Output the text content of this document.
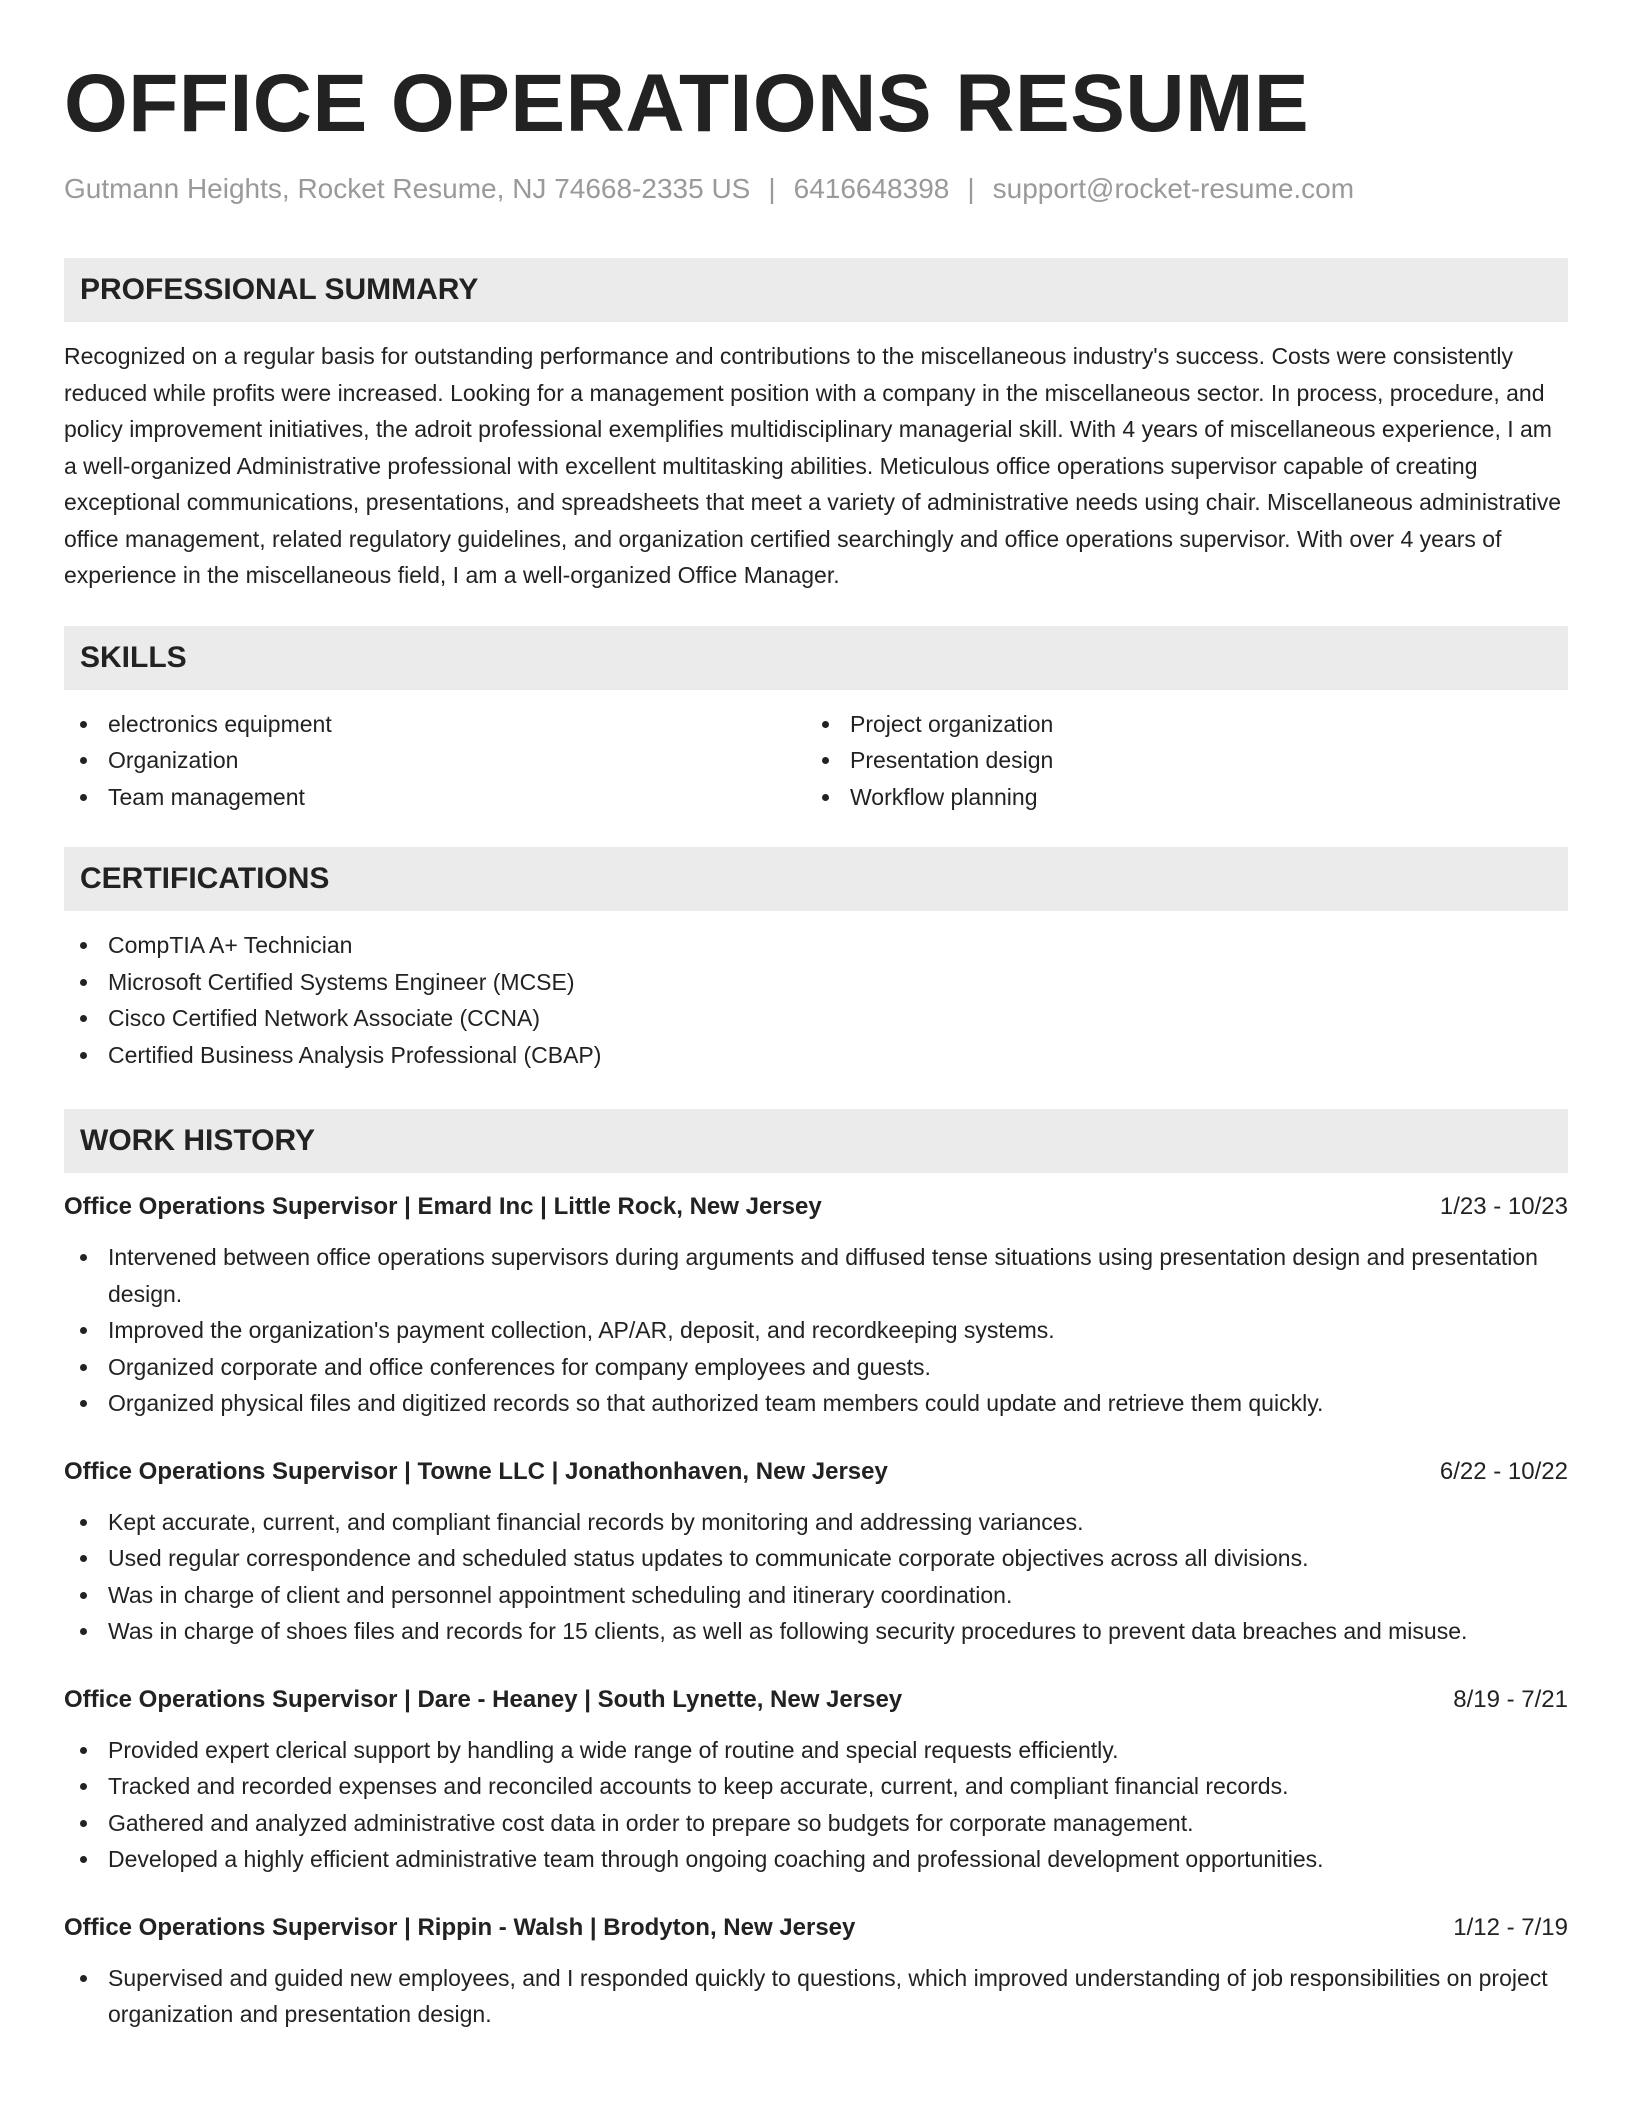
OFFICE OPERATIONS RESUME
Gutmann Heights, Rocket Resume, NJ 74668-2335 US | 6416648398 | support@rocket-resume.com
PROFESSIONAL SUMMARY

Recognized on a regular basis for outstanding performance and contributions to the miscellaneous industry's success. Costs were consistently reduced while profits were increased. Looking for a management position with a company in the miscellaneous sector. In process, procedure, and policy improvement initiatives, the adroit professional exemplifies multidisciplinary managerial skill. With 4 years of miscellaneous experience, I am a well-organized Administrative professional with excellent multitasking abilities. Meticulous office operations supervisor capable of creating exceptional communications, presentations, and spreadsheets that meet a variety of administrative needs using chair. Miscellaneous administrative office management, related regulatory guidelines, and organization certified searchingly and office operations supervisor. With over 4 years of experience in the miscellaneous field, I am a well-organized Office Manager.

SKILLS
electronics equipment
Organization
Team management
Project organization
Presentation design
Workflow planning
CERTIFICATIONS
CompTIA A+ Technician
Microsoft Certified Systems Engineer (MCSE)
Cisco Certified Network Associate (CCNA)
Certified Business Analysis Professional (CBAP)
WORK HISTORY
Office Operations Supervisor | Emard Inc | Little Rock, New Jersey	1/23 - 10/23
Intervened between office operations supervisors during arguments and diffused tense situations using presentation design and presentation design.
Improved the organization's payment collection, AP/AR, deposit, and recordkeeping systems.
Organized corporate and office conferences for company employees and guests.
Organized physical files and digitized records so that authorized team members could update and retrieve them quickly.
Office Operations Supervisor | Towne LLC | Jonathonhaven, New Jersey	6/22 - 10/22
Kept accurate, current, and compliant financial records by monitoring and addressing variances.
Used regular correspondence and scheduled status updates to communicate corporate objectives across all divisions.
Was in charge of client and personnel appointment scheduling and itinerary coordination.
Was in charge of shoes files and records for 15 clients, as well as following security procedures to prevent data breaches and misuse.
Office Operations Supervisor | Dare - Heaney | South Lynette, New Jersey	8/19 - 7/21
Provided expert clerical support by handling a wide range of routine and special requests efficiently.
Tracked and recorded expenses and reconciled accounts to keep accurate, current, and compliant financial records.
Gathered and analyzed administrative cost data in order to prepare so budgets for corporate management.
Developed a highly efficient administrative team through ongoing coaching and professional development opportunities.
Office Operations Supervisor | Rippin - Walsh | Brodyton, New Jersey	1/12 - 7/19
Supervised and guided new employees, and I responded quickly to questions, which improved understanding of job responsibilities on project organization and presentation design.
